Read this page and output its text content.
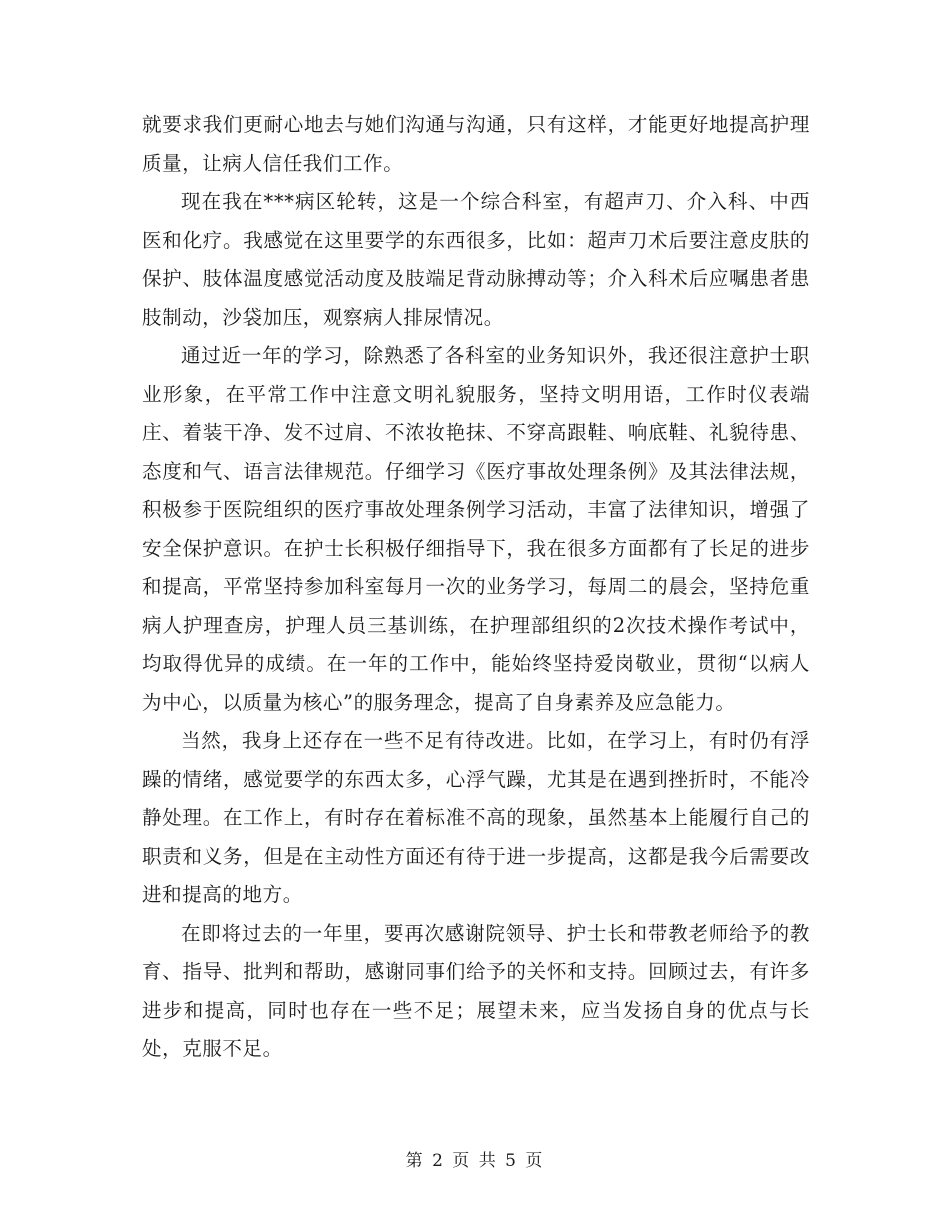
就要求我们更耐心地去与她们沟通与沟通，只有这样，才能更好地提高护理质量，让病人信任我们工作。

现在我在***病区轮转，这是一个综合科室，有超声刀、介入科、中西医和化疗。我感觉在这里要学的东西很多，比如：超声刀术后要注意皮肤的保护、肢体温度感觉活动度及肢端足背动脉搏动等；介入科术后应嘱患者患肢制动，沙袋加压，观察病人排尿情况。

通过近一年的学习，除熟悉了各科室的业务知识外，我还很注意护士职业形象，在平常工作中注意文明礼貌服务，坚持文明用语，工作时仪表端庄、着装干净、发不过肩、不浓妆艳抹、不穿高跟鞋、响底鞋、礼貌待患、态度和气、语言法律规范。仔细学习《医疗事故处理条例》及其法律法规，积极参于医院组织的医疗事故处理条例学习活动，丰富了法律知识，增强了安全保护意识。在护士长积极仔细指导下，我在很多方面都有了长足的进步和提高，平常坚持参加科室每月一次的业务学习，每周二的晨会，坚持危重病人护理查房，护理人员三基训练，在护理部组织的2次技术操作考试中，均取得优异的成绩。在一年的工作中，能始终坚持爱岗敬业，贯彻“以病人为中心，以质量为核心”的服务理念，提高了自身素养及应急能力。

当然，我身上还存在一些不足有待改进。比如，在学习上，有时仍有浮躁的情绪，感觉要学的东西太多，心浮气躁，尤其是在遇到挫折时，不能冷静处理。在工作上，有时存在着标准不高的现象，虽然基本上能履行自己的职责和义务，但是在主动性方面还有待于进一步提高，这都是我今后需要改进和提高的地方。

在即将过去的一年里，要再次感谢院领导、护士长和带教老师给予的教育、指导、批判和帮助，感谢同事们给予的关怀和支持。回顾过去，有许多进步和提高，同时也存在一些不足；展望未来，应当发扬自身的优点与长处，克服不足。

第 2 页 共 5 页
